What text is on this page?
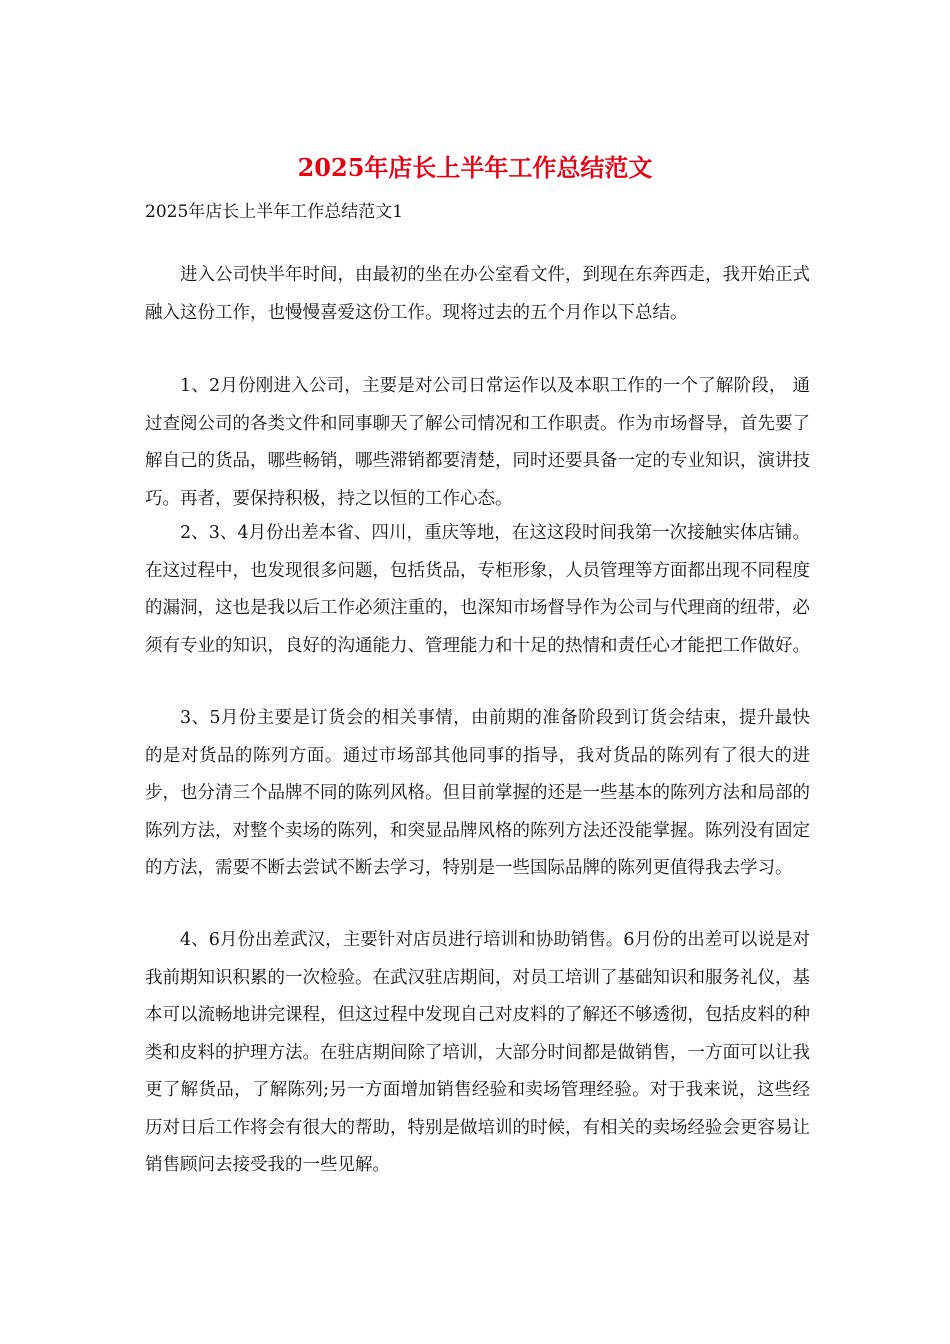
2025年店长上半年工作总结范文

2025年店长上半年工作总结范文1

进入公司快半年时间，由最初的坐在办公室看文件，到现在东奔西走，我开始正式融入这份工作，也慢慢喜爱这份工作。现将过去的五个月作以下总结。

1、2月份刚进入公司，主要是对公司日常运作以及本职工作的一个了解阶段， 通过查阅公司的各类文件和同事聊天了解公司情况和工作职责。作为市场督导，首先要了解自己的货品，哪些畅销，哪些滞销都要清楚，同时还要具备一定的专业知识，演讲技巧。再者，要保持积极，持之以恒的工作心态。

2、3、4月份出差本省、四川，重庆等地，在这这段时间我第一次接触实体店铺。在这过程中，也发现很多问题，包括货品，专柜形象，人员管理等方面都出现不同程度的漏洞，这也是我以后工作必须注重的，也深知市场督导作为公司与代理商的纽带，必须有专业的知识，良好的沟通能力、管理能力和十足的热情和责任心才能把工作做好。

3、5月份主要是订货会的相关事情，由前期的准备阶段到订货会结束，提升最快的是对货品的陈列方面。通过市场部其他同事的指导，我对货品的陈列有了很大的进步，也分清三个品牌不同的陈列风格。但目前掌握的还是一些基本的陈列方法和局部的陈列方法，对整个卖场的陈列，和突显品牌风格的陈列方法还没能掌握。陈列没有固定的方法，需要不断去尝试不断去学习，特别是一些国际品牌的陈列更值得我去学习。

4、6月份出差武汉，主要针对店员进行培训和协助销售。6月份的出差可以说是对我前期知识积累的一次检验。在武汉驻店期间，对员工培训了基础知识和服务礼仪，基本可以流畅地讲完课程，但这过程中发现自己对皮料的了解还不够透彻，包括皮料的种类和皮料的护理方法。在驻店期间除了培训，大部分时间都是做销售，一方面可以让我更了解货品，了解陈列;另一方面增加销售经验和卖场管理经验。对于我来说，这些经历对日后工作将会有很大的帮助，特别是做培训的时候，有相关的卖场经验会更容易让销售顾问去接受我的一些见解。
